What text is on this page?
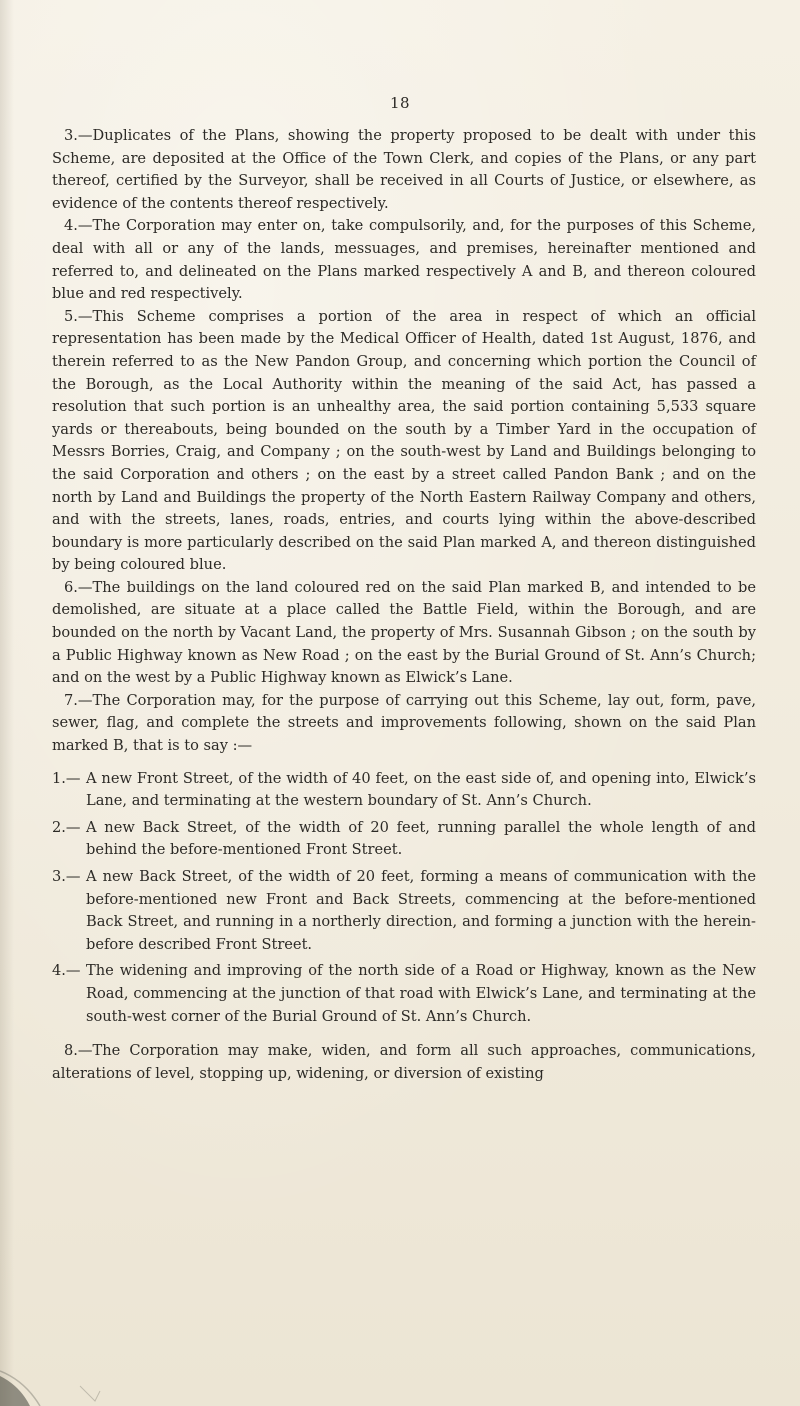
18

3.—Duplicates of the Plans, showing the property proposed to be dealt with under this Scheme, are deposited at the Office of the Town Clerk, and copies of the Plans, or any part thereof, certified by the Surveyor, shall be received in all Courts of Justice, or elsewhere, as evidence of the contents thereof respectively.

4.—The Corporation may enter on, take compulsorily, and, for the purposes of this Scheme, deal with all or any of the lands, messuages, and premises, hereinafter mentioned and referred to, and delineated on the Plans marked respectively A and B, and thereon coloured blue and red respectively.

5.—This Scheme comprises a portion of the area in respect of which an official representation has been made by the Medical Officer of Health, dated 1st August, 1876, and therein referred to as the New Pandon Group, and concerning which portion the Council of the Borough, as the Local Authority within the meaning of the said Act, has passed a resolution that such portion is an unhealthy area, the said portion containing 5,533 square yards or thereabouts, being bounded on the south by a Timber Yard in the occupation of Messrs Borries, Craig, and Company ; on the south-west by Land and Buildings belonging to the said Corporation and others ; on the east by a street called Pandon Bank ; and on the north by Land and Buildings the property of the North Eastern Railway Company and others, and with the streets, lanes, roads, entries, and courts lying within the above-described boundary is more particularly described on the said Plan marked A, and thereon distinguished by being coloured blue.

6.—The buildings on the land coloured red on the said Plan marked B, and intended to be demolished, are situate at a place called the Battle Field, within the Borough, and are bounded on the north by Vacant Land, the property of Mrs. Susannah Gibson ; on the south by a Public Highway known as New Road ; on the east by the Burial Ground of St. Ann’s Church; and on the west by a Public Highway known as Elwick’s Lane.

7.—The Corporation may, for the purpose of carrying out this Scheme, lay out, form, pave, sewer, flag, and complete the streets and improvements following, shown on the said Plan marked B, that is to say :—

1.— A new Front Street, of the width of 40 feet, on the east side of, and opening into, Elwick’s Lane, and terminating at the western boundary of St. Ann’s Church.
2.— A new Back Street, of the width of 20 feet, running parallel the whole length of and behind the before-mentioned Front Street.
3.— A new Back Street, of the width of 20 feet, forming a means of communication with the before-mentioned new Front and Back Streets, commencing at the before-mentioned Back Street, and running in a northerly direction, and forming a junction with the herein-before described Front Street.
4.— The widening and improving of the north side of a Road or Highway, known as the New Road, commencing at the junction of that road with Elwick’s Lane, and terminating at the south-west corner of the Burial Ground of St. Ann’s Church.

8.—The Corporation may make, widen, and form all such approaches, communications, alterations of level, stopping up, widening, or diversion of existing
